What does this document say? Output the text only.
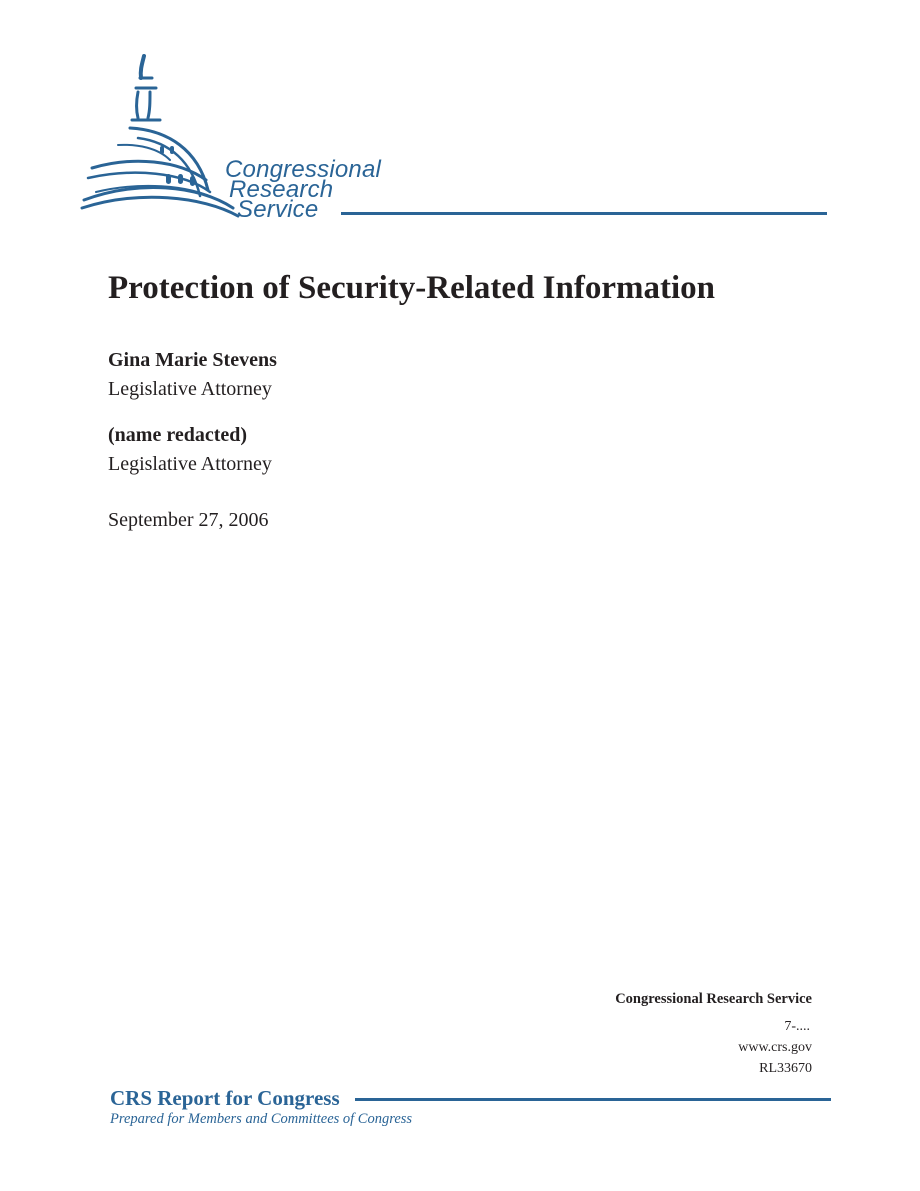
Congressional
Research
Service
Protection of Security-Related Information
Gina Marie Stevens
Legislative Attorney
(name redacted)
Legislative Attorney
September 27, 2006
Congressional Research Service
7-....
www.crs.gov
RL33670
CRS Report for Congress
Prepared for Members and Committees of Congress
